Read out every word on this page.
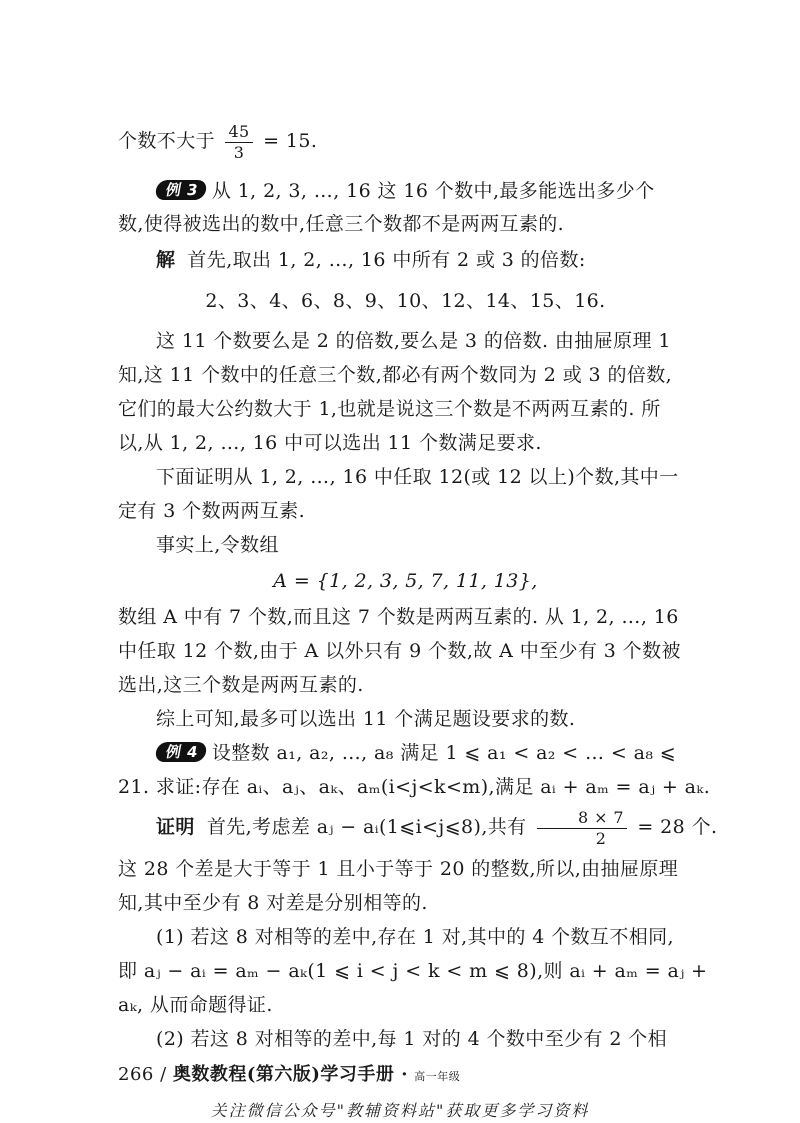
个数不大于 $\frac{45}{3} = 15$.
例 3 从 1, 2, 3, …, 16 这 16 个数中,最多能选出多少个
数,使得被选出的数中,任意三个数都不是两两互素的.
解 首先,取出 1, 2, …, 16 中所有 2 或 3 的倍数:
2、3、4、6、8、9、10、12、14、15、16.
这 11 个数要么是 2 的倍数,要么是 3 的倍数. 由抽屉原理 1
知,这 11 个数中的任意三个数,都必有两个数同为 2 或 3 的倍数,
它们的最大公约数大于 1,也就是说这三个数是不两两互素的. 所
以,从 1, 2, …, 16 中可以选出 11 个数满足要求.
下面证明从 1, 2, …, 16 中任取 12(或 12 以上)个数,其中一
定有 3 个数两两互素.
事实上,令数组
A = {1, 2, 3, 5, 7, 11, 13},
数组 A 中有 7 个数,而且这 7 个数是两两互素的. 从 1, 2, …, 16
中任取 12 个数,由于 A 以外只有 9 个数,故 A 中至少有 3 个数被
选出,这三个数是两两互素的.
综上可知,最多可以选出 11 个满足题设要求的数.
例 4 设整数 a₁, a₂, …, a₈ 满足 1 ⩽ a₁ < a₂ < … < a₈ ⩽
21. 求证:存在 aᵢ、aⱼ、aₖ、aₘ(i<j<k<m),满足 aᵢ + aₘ = aⱼ + aₖ.
证明 首先,考虑差 aⱼ − aᵢ(1⩽i<j⩽8),共有 $\frac{8 \times 7}{2} = 28$ 个.
这 28 个差是大于等于 1 且小于等于 20 的整数,所以,由抽屉原理
知,其中至少有 8 对差是分别相等的.
(1) 若这 8 对相等的差中,存在 1 对,其中的 4 个数互不相同,
即 aⱼ − aᵢ = aₘ − aₖ(1 ⩽ i < j < k < m ⩽ 8),则 aᵢ + aₘ = aⱼ +
aₖ, 从而命题得证.
(2) 若这 8 对相等的差中,每 1 对的 4 个数中至少有 2 个相
266 / 奥数教程(第六版)学习手册 · 高一年级
关注微信公众号"教辅资料站"获取更多学习资料
